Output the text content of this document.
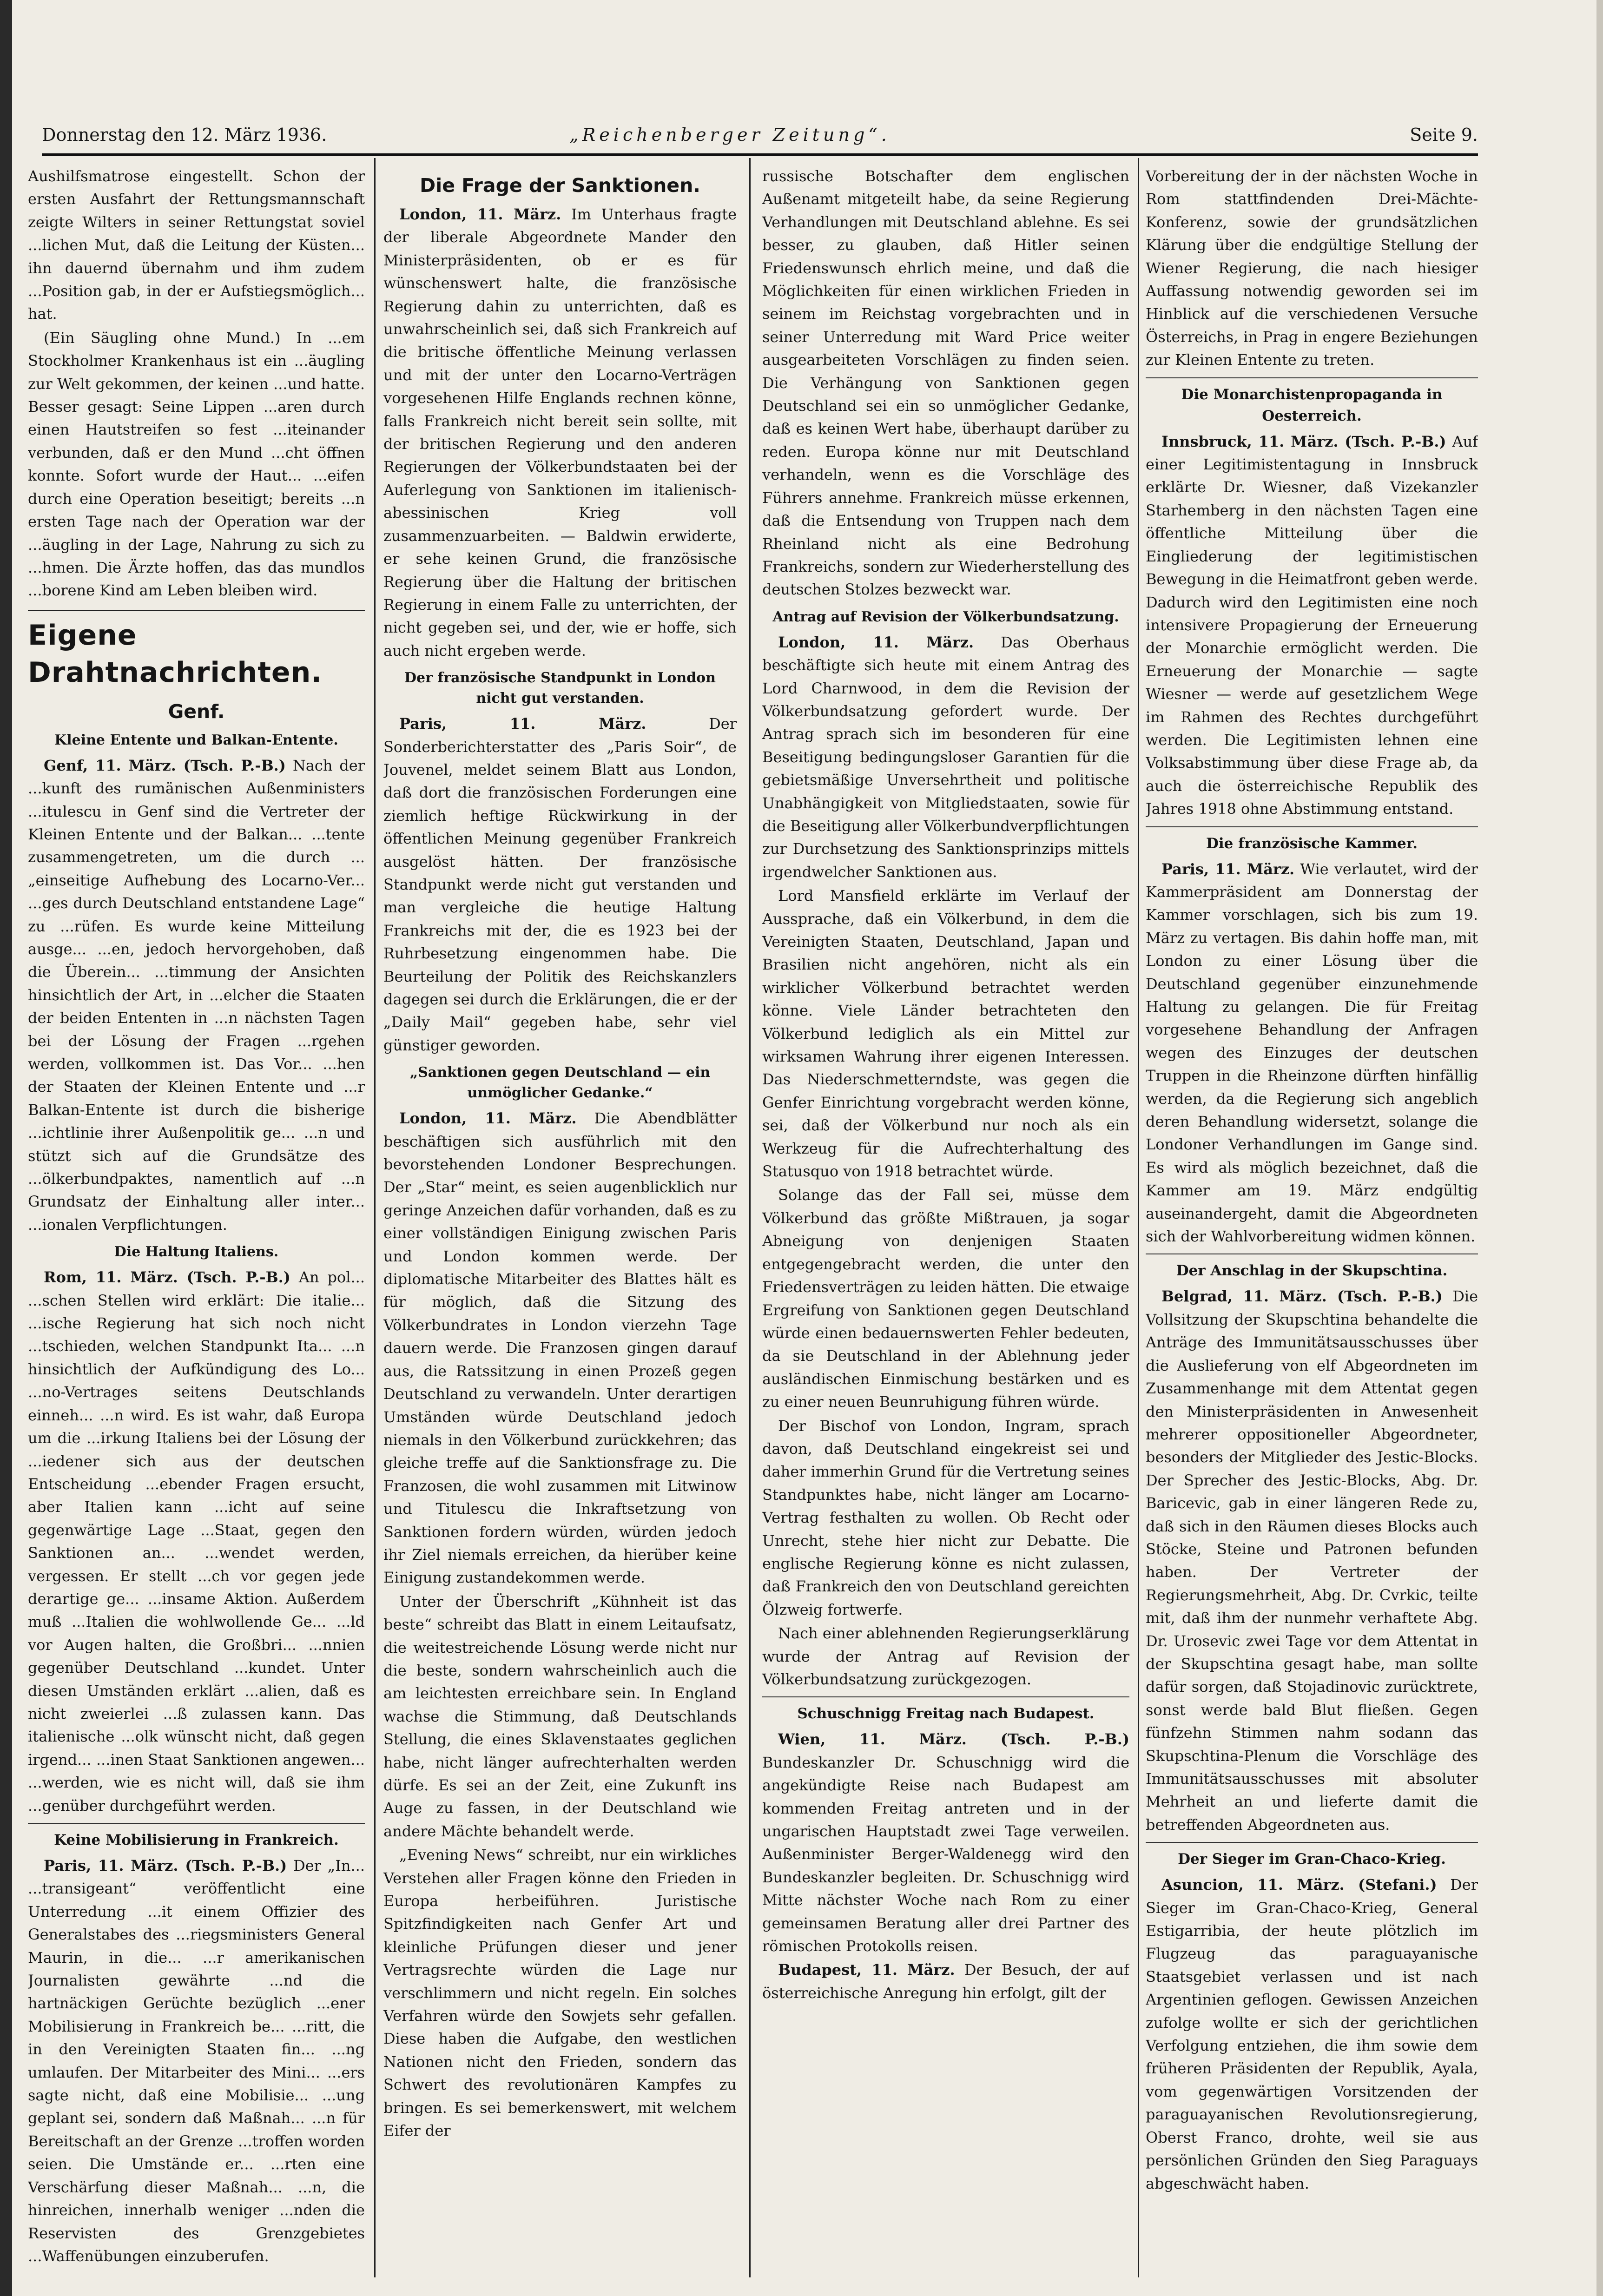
Donnerstag den 12. März 1936.	„Reichenberger Zeitung“.	Seite 9.

Aushilfsmatrose eingestellt. Schon der ersten Ausfahrt der Rettungsmannschaft zeigte Wilters in seiner Rettungstat soviel ...lichen Mut, daß die Leitung der Küsten... ihn dauernd übernahm und ihm zudem ...Position gab, in der er Aufstiegsmöglich... hat.

(Ein Säugling ohne Mund.) In ...em Stockholmer Krankenhaus ist ein ...äugling zur Welt gekommen, der keinen ...und hatte. Besser gesagt: Seine Lippen ...aren durch einen Hautstreifen so fest ...iteinander verbunden, daß er den Mund ...cht öffnen konnte. Sofort wurde der Haut... ...eifen durch eine Operation beseitigt; bereits ...n ersten Tage nach der Operation war der ...äugling in der Lage, Nahrung zu sich zu ...hmen. Die Ärzte hoffen, das das mundlos ...borene Kind am Leben bleiben wird.

Eigene Drahtnachrichten.
Genf.
Kleine Entente und Balkan-Entente.

Genf, 11. März. (Tsch. P.-B.) Nach der ...kunft des rumänischen Außenministers ...itulescu in Genf sind die Vertreter der Kleinen Entente und der Balkan... ...tente zusammengetreten, um die durch ...„einseitige Aufhebung des Locarno-Ver... ...ges durch Deutschland entstandene Lage“ zu ...rüfen. Es wurde keine Mitteilung ausge... ...en, jedoch hervorgehoben, daß die Überein... ...timmung der Ansichten hinsichtlich der Art, in ...elcher die Staaten der beiden Ententen in ...n nächsten Tagen bei der Lösung der Fragen ...rgehen werden, vollkommen ist. Das Vor... ...hen der Staaten der Kleinen Entente und ...r Balkan-Entente ist durch die bisherige ...ichtlinie ihrer Außenpolitik ge... ...n und stützt sich auf die Grundsätze des ...ölkerbundpaktes, namentlich auf ...n Grundsatz der Einhaltung aller inter... ...ionalen Verpflichtungen.

Die Haltung Italiens.

Rom, 11. März. (Tsch. P.-B.) An pol... ...schen Stellen wird erklärt: Die italie... ...ische Regierung hat sich noch nicht ...tschieden, welchen Standpunkt Ita... ...n hinsichtlich der Aufkündigung des Lo... ...no-Vertrages seitens Deutschlands einneh... ...n wird. Es ist wahr, daß Europa um die ...irkung Italiens bei der Lösung der ...iedener sich aus der deutschen Entscheidung ...ebender Fragen ersucht, aber Italien kann ...icht auf seine gegenwärtige Lage ...Staat, gegen den Sanktionen an... ...wendet werden, vergessen. Er stellt ...ch vor gegen jede derartige ge... ...insame Aktion. Außerdem muß ...Italien die wohlwollende Ge... ...ld vor Augen halten, die Großbri... ...nnien gegenüber Deutschland ...kundet. Unter diesen Umständen erklärt ...alien, daß es nicht zweierlei ...ß zulassen kann. Das italienische ...olk wünscht nicht, daß gegen irgend... ...inen Staat Sanktionen angewen... ...werden, wie es nicht will, daß sie ihm ...genüber durchgeführt werden.

Keine Mobilisierung in Frankreich.

Paris, 11. März. (Tsch. P.-B.) Der „In... ...transigeant“ veröffentlicht eine Unterredung ...it einem Offizier des Generalstabes des ...riegsministers General Maurin, in die... ...r amerikanischen Journalisten gewährte ...nd die hartnäckigen Gerüchte bezüglich ...ener Mobilisierung in Frankreich be... ...ritt, die in den Vereinigten Staaten fin... ...ng umlaufen. Der Mitarbeiter des Mini... ...ers sagte nicht, daß eine Mobilisie... ...ung geplant sei, sondern daß Maßnah... ...n für Bereitschaft an der Grenze ...troffen worden seien. Die Umstände er... ...rten eine Verschärfung dieser Maßnah... ...n, die hinreichen, innerhalb weniger ...nden die Reservisten des Grenzgebietes ...Waffenübungen einzuberufen.

Die Frage der Sanktionen.

London, 11. März. Im Unterhaus fragte der liberale Abgeordnete Mander den Ministerpräsidenten, ob er es für wünschenswert halte, die französische Regierung dahin zu unterrichten, daß es unwahrscheinlich sei, daß sich Frankreich auf die britische öffentliche Meinung verlassen und mit der unter den Locarno-Verträgen vorgesehenen Hilfe Englands rechnen könne, falls Frankreich nicht bereit sein sollte, mit der britischen Regierung und den anderen Regierungen der Völkerbundstaaten bei der Auferlegung von Sanktionen im italienisch-abessinischen Krieg voll zusammenzuarbeiten. — Baldwin erwiderte, er sehe keinen Grund, die französische Regierung über die Haltung der britischen Regierung in einem Falle zu unterrichten, der nicht gegeben sei, und der, wie er hoffe, sich auch nicht ergeben werde.

Der französische Standpunkt in London nicht gut verstanden.

Paris, 11. März.	Der Sonderberichterstatter des „Paris Soir“, de Jouvenel, meldet seinem Blatt aus London, daß dort die französischen Forderungen eine ziemlich heftige Rückwirkung in der öffentlichen Meinung gegenüber Frankreich ausgelöst hätten. Der französische Standpunkt werde nicht gut verstanden und man vergleiche die heutige Haltung Frankreichs mit der, die es 1923 bei der Ruhrbesetzung eingenommen habe. Die Beurteilung der Politik des Reichskanzlers dagegen sei durch die Erklärungen, die er der „Daily Mail“ gegeben habe, sehr viel günstiger geworden.

„Sanktionen gegen Deutschland — ein unmöglicher Gedanke.“

London, 11. März. Die Abendblätter beschäftigen sich ausführlich mit den bevorstehenden Londoner Besprechungen. Der „Star“ meint, es seien augenblicklich nur geringe Anzeichen dafür vorhanden, daß es zu einer vollständigen Einigung zwischen Paris und London kommen werde. Der diplomatische Mitarbeiter des Blattes hält es für möglich, daß die Sitzung des Völkerbundrates in London vierzehn Tage dauern werde. Die Franzosen gingen darauf aus, die Ratssitzung in einen Prozeß gegen Deutschland zu verwandeln. Unter derartigen Umständen würde Deutschland jedoch niemals in den Völkerbund zurückkehren; das gleiche treffe auf die Sanktionsfrage zu. Die Franzosen, die wohl zusammen mit Litwinow und Titulescu die Inkraftsetzung von Sanktionen fordern würden, würden jedoch ihr Ziel niemals erreichen, da hierüber keine Einigung zustandekommen werde.

Unter der Überschrift „Kühnheit ist das beste“ schreibt das Blatt in einem Leitaufsatz, die weitestreichende Lösung werde nicht nur die beste, sondern wahrscheinlich auch die am leichtesten erreichbare sein. In England wachse die Stimmung, daß Deutschlands Stellung, die eines Sklavenstaates geglichen habe, nicht länger aufrechterhalten werden dürfe. Es sei an der Zeit, eine Zukunft ins Auge zu fassen, in der Deutschland wie andere Mächte behandelt werde.

„Evening News“ schreibt, nur ein wirkliches Verstehen aller Fragen könne den Frieden in Europa herbeiführen. Juristische Spitzfindigkeiten nach Genfer Art und kleinliche Prüfungen dieser und jener Vertragsrechte würden die Lage nur verschlimmern und nicht regeln. Ein solches Verfahren würde den Sowjets sehr gefallen. Diese haben die Aufgabe, den westlichen Nationen nicht den Frieden, sondern das Schwert des revolutionären Kampfes zu bringen. Es sei bemerkenswert, mit welchem Eifer der

russische Botschafter dem englischen Außenamt mitgeteilt habe, da seine Regierung Verhandlungen mit Deutschland ablehne. Es sei besser, zu glauben, daß Hitler seinen Friedenswunsch ehrlich meine, und daß die Möglichkeiten für einen wirklichen Frieden in seinem im Reichstag vorgebrachten und in seiner Unterredung mit Ward Price weiter ausgearbeiteten Vorschlägen zu finden seien. Die Verhängung von Sanktionen gegen Deutschland sei ein so unmöglicher Gedanke, daß es keinen Wert habe, überhaupt darüber zu reden. Europa könne nur mit Deutschland verhandeln, wenn es die Vorschläge des Führers annehme. Frankreich müsse erkennen, daß die Entsendung von Truppen nach dem Rheinland nicht als eine Bedrohung Frankreichs, sondern zur Wiederherstellung des deutschen Stolzes bezweckt war.

Antrag auf Revision der Völkerbundsatzung.

London, 11. März. Das Oberhaus beschäftigte sich heute mit einem Antrag des Lord Charnwood, in dem die Revision der Völkerbundsatzung gefordert wurde. Der Antrag sprach sich im besonderen für eine Beseitigung bedingungsloser Garantien für die gebietsmäßige Unversehrtheit und politische Unabhängigkeit von Mitgliedstaaten, sowie für die Beseitigung aller Völkerbundverpflichtungen zur Durchsetzung des Sanktionsprinzips mittels irgendwelcher Sanktionen aus.

Lord Mansfield erklärte im Verlauf der Aussprache, daß ein Völkerbund, in dem die Vereinigten Staaten, Deutschland, Japan und Brasilien nicht angehören, nicht als ein wirklicher Völkerbund betrachtet werden könne. Viele Länder betrachteten den Völkerbund lediglich als ein Mittel zur wirksamen Wahrung ihrer eigenen Interessen. Das Niederschmetterndste, was gegen die Genfer Einrichtung vorgebracht werden könne, sei, daß der Völkerbund nur noch als ein Werkzeug für die Aufrechterhaltung des Statusquo von 1918 betrachtet würde.

Solange das der Fall sei, müsse dem Völkerbund das größte Mißtrauen, ja sogar Abneigung von denjenigen Staaten entgegengebracht werden, die unter den Friedensverträgen zu leiden hätten. Die etwaige Ergreifung von Sanktionen gegen Deutschland würde einen bedauernswerten Fehler bedeuten, da sie Deutschland in der Ablehnung jeder ausländischen Einmischung bestärken und es zu einer neuen Beunruhigung führen würde.

Der Bischof von London, Ingram, sprach davon, daß Deutschland eingekreist sei und daher immerhin Grund für die Vertretung seines Standpunktes habe, nicht länger am Locarno-Vertrag festhalten zu wollen. Ob Recht oder Unrecht, stehe hier nicht zur Debatte. Die englische Regierung könne es nicht zulassen, daß Frankreich den von Deutschland gereichten Ölzweig fortwerfe.

Nach einer ablehnenden Regierungserklärung wurde der Antrag auf Revision der Völkerbundsatzung zurückgezogen.

Schuschnigg Freitag nach Budapest.

Wien, 11. März. (Tsch. P.-B.) Bundeskanzler Dr. Schuschnigg wird die angekündigte Reise nach Budapest am kommenden Freitag antreten und in der ungarischen Hauptstadt zwei Tage verweilen. Außenminister Berger-Waldenegg wird den Bundeskanzler begleiten. Dr. Schuschnigg wird Mitte nächster Woche nach Rom zu einer gemeinsamen Beratung aller drei Partner des römischen Protokolls reisen.

Budapest, 11. März. Der Besuch, der auf österreichische Anregung hin erfolgt, gilt der

Vorbereitung der in der nächsten Woche in Rom stattfindenden Drei-Mächte-Konferenz, sowie der grundsätzlichen Klärung über die endgültige Stellung der Wiener Regierung, die nach hiesiger Auffassung notwendig geworden sei im Hinblick auf die verschiedenen Versuche Österreichs, in Prag in engere Beziehungen zur Kleinen Entente zu treten.

Die Monarchistenpropaganda in Oesterreich.

Innsbruck, 11. März. (Tsch. P.-B.) Auf einer Legitimistentagung in Innsbruck erklärte Dr. Wiesner, daß Vizekanzler Starhemberg in den nächsten Tagen eine öffentliche Mitteilung über die Eingliederung der legitimistischen Bewegung in die Heimatfront geben werde. Dadurch wird den Legitimisten eine noch intensivere Propagierung der Erneuerung der Monarchie ermöglicht werden. Die Erneuerung der Monarchie — sagte Wiesner — werde auf gesetzlichem Wege im Rahmen des Rechtes durchgeführt werden. Die Legitimisten lehnen eine Volksabstimmung über diese Frage ab, da auch die österreichische Republik des Jahres 1918 ohne Abstimmung entstand.

Die französische Kammer.

Paris, 11. März. Wie verlautet, wird der Kammerpräsident am Donnerstag der Kammer vorschlagen, sich bis zum 19. März zu vertagen. Bis dahin hoffe man, mit London zu einer Lösung über die Deutschland gegenüber einzunehmende Haltung zu gelangen. Die für Freitag vorgesehene Behandlung der Anfragen wegen des Einzuges der deutschen Truppen in die Rheinzone dürften hinfällig werden, da die Regierung sich angeblich deren Behandlung widersetzt, solange die Londoner Verhandlungen im Gange sind. Es wird als möglich bezeichnet, daß die Kammer am 19. März endgültig auseinandergeht, damit die Abgeordneten sich der Wahlvorbereitung widmen können.

Der Anschlag in der Skupschtina.

Belgrad, 11. März. (Tsch. P.-B.) Die Vollsitzung der Skupschtina behandelte die Anträge des Immunitätsausschusses über die Auslieferung von elf Abgeordneten im Zusammenhange mit dem Attentat gegen den Ministerpräsidenten in Anwesenheit mehrerer oppositioneller Abgeordneter, besonders der Mitglieder des Jestic-Blocks. Der Sprecher des Jestic-Blocks, Abg. Dr. Baricevic, gab in einer längeren Rede zu, daß sich in den Räumen dieses Blocks auch Stöcke, Steine und Patronen befunden haben. Der Vertreter der Regierungsmehrheit, Abg. Dr. Cvrkic, teilte mit, daß ihm der nunmehr verhaftete Abg. Dr. Urosevic zwei Tage vor dem Attentat in der Skupschtina gesagt habe, man sollte dafür sorgen, daß Stojadinovic zurücktrete, sonst werde bald Blut fließen. Gegen fünfzehn Stimmen nahm sodann das Skupschtina-Plenum die Vorschläge des Immunitätsausschusses mit absoluter Mehrheit an und lieferte damit die betreffenden Abgeordneten aus.

Der Sieger im Gran-Chaco-Krieg.

Asuncion, 11. März. (Stefani.) Der Sieger im Gran-Chaco-Krieg, General Estigarribia, der heute plötzlich im Flugzeug das paraguayanische Staatsgebiet verlassen und ist nach Argentinien geflogen. Gewissen Anzeichen zufolge wollte er sich der gerichtlichen Verfolgung entziehen, die ihm sowie dem früheren Präsidenten der Republik, Ayala, vom gegenwärtigen Vorsitzenden der paraguayanischen Revolutionsregierung, Oberst Franco, drohte, weil sie aus persönlichen Gründen den Sieg Paraguays abgeschwächt haben.
